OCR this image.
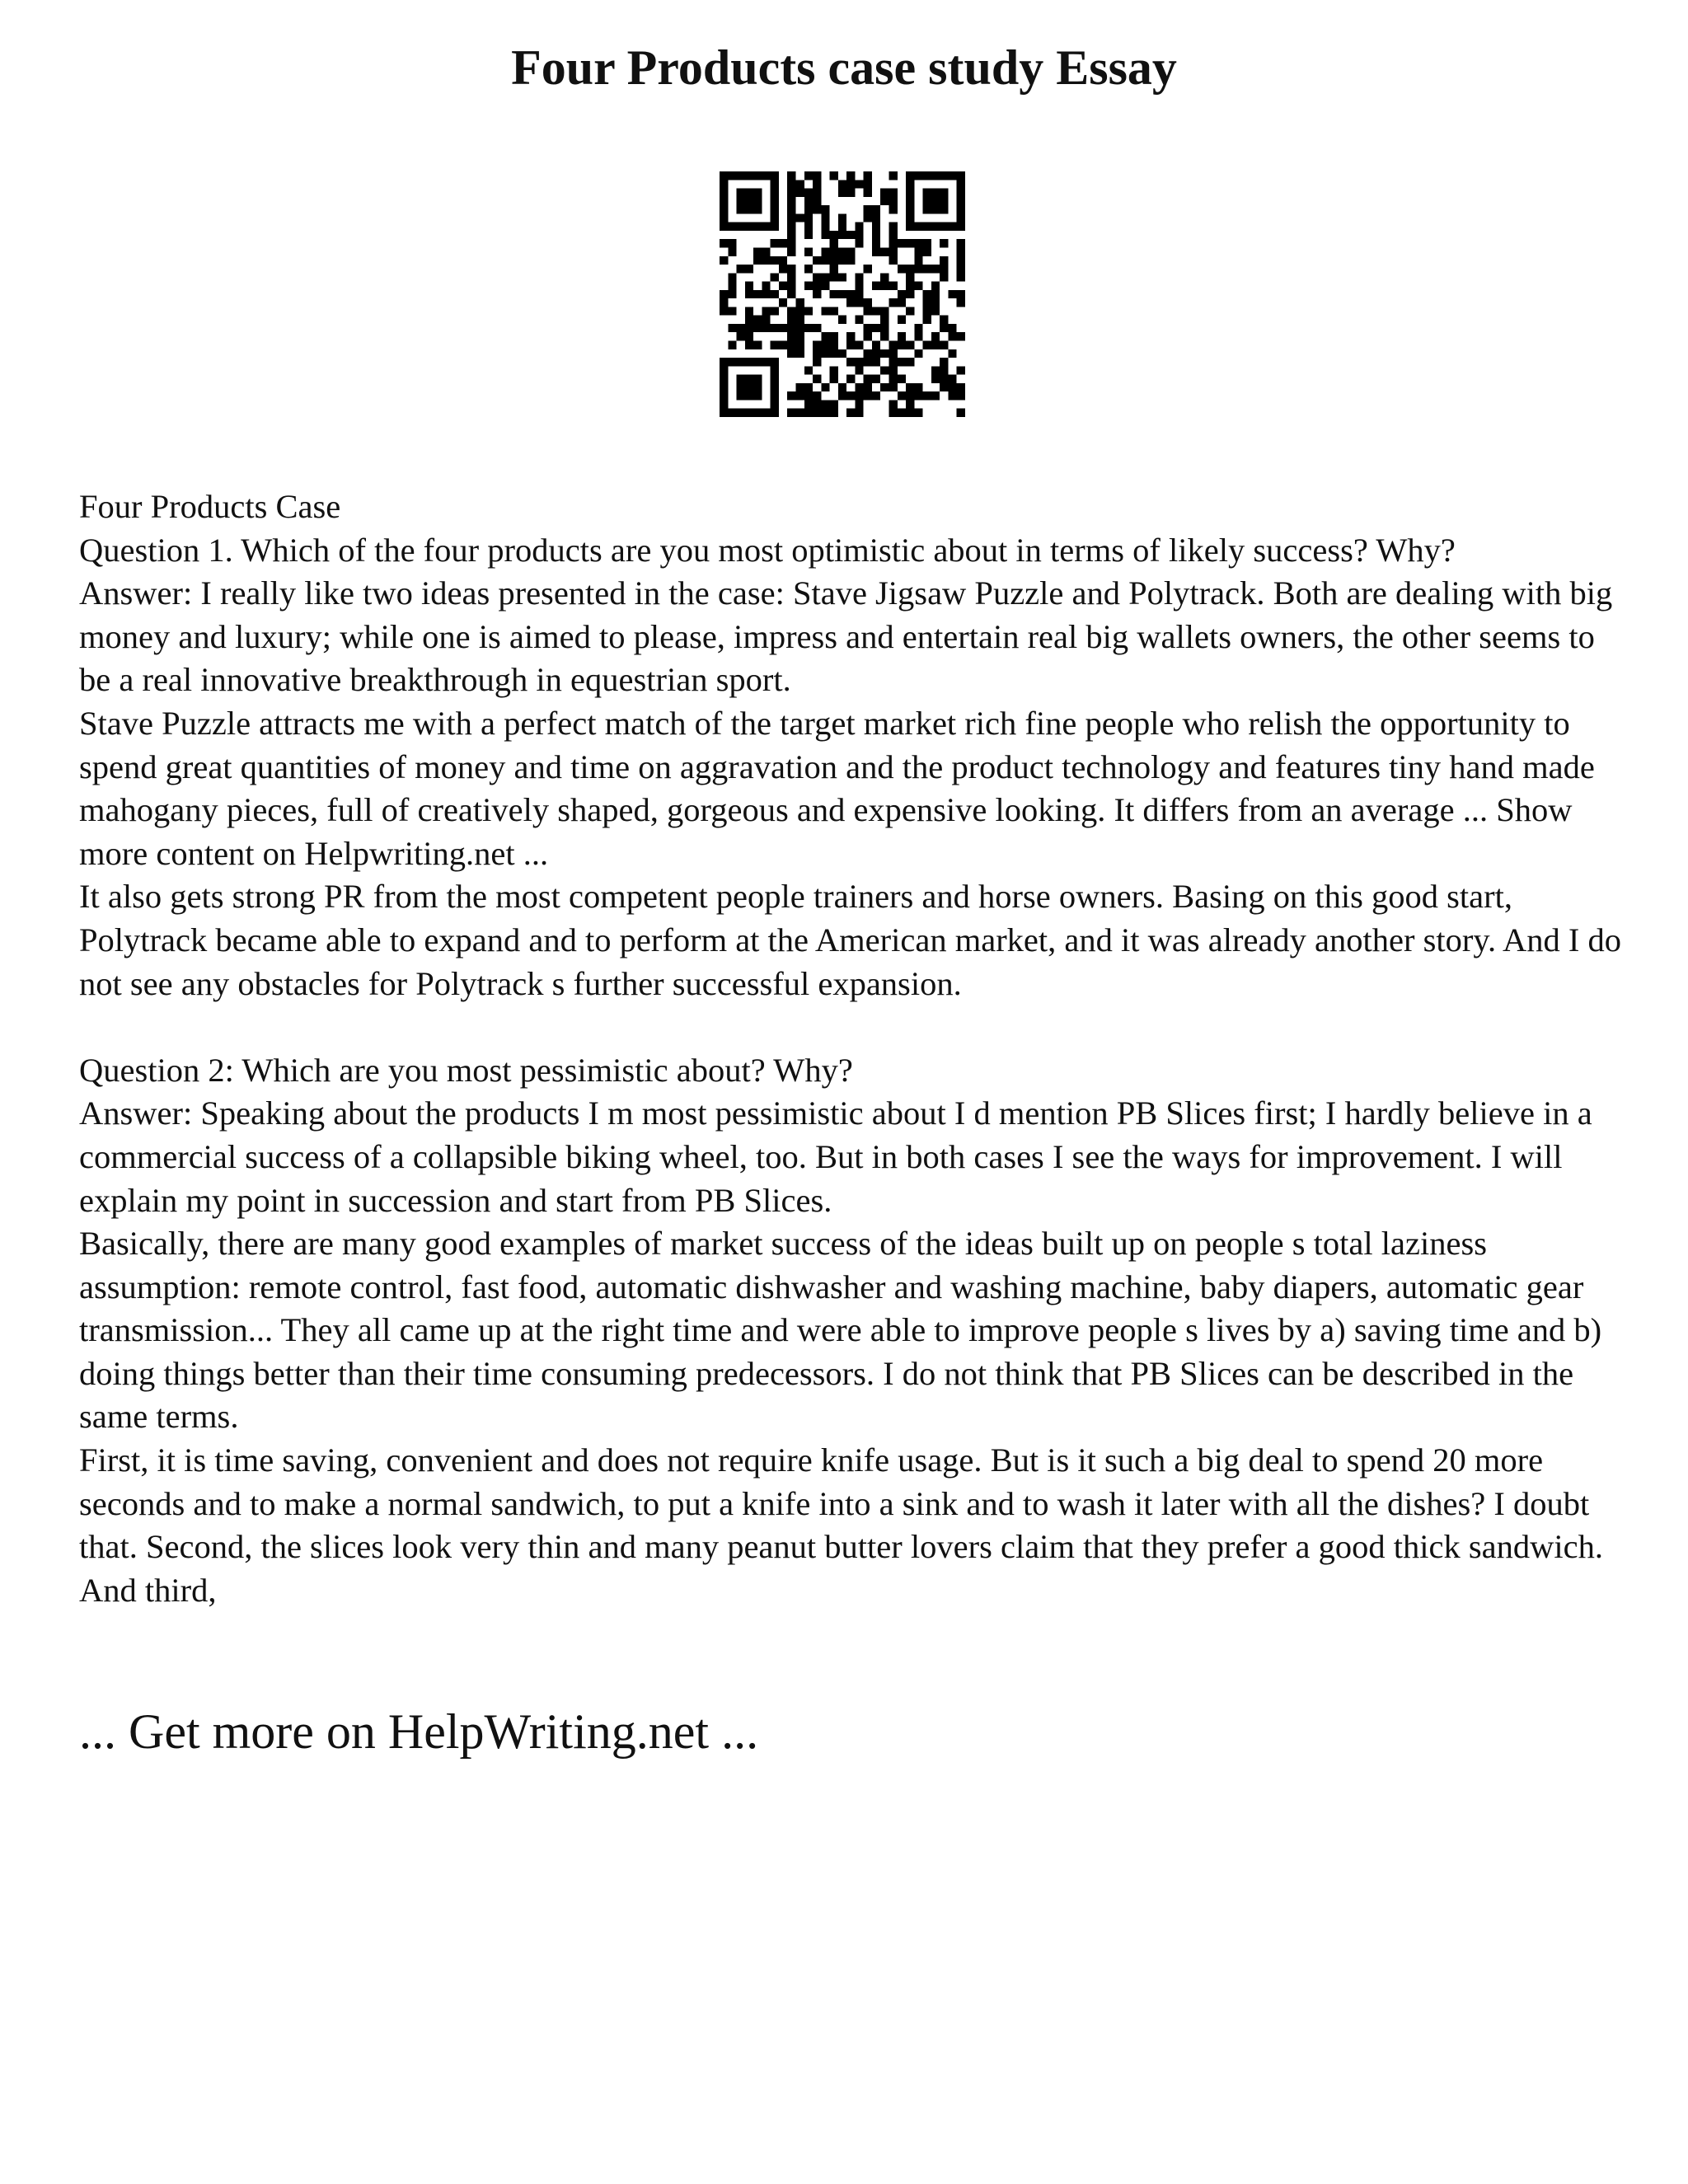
Four Products case study Essay

Four Products Case

Question 1. Which of the four products are you most optimistic about in terms of likely success? Why?

Answer: I really like two ideas presented in the case: Stave Jigsaw Puzzle and Polytrack. Both are dealing with big money and luxury; while one is aimed to please, impress and entertain real big wallets owners, the other seems to be a real innovative breakthrough in equestrian sport.

Stave Puzzle attracts me with a perfect match of the target market rich fine people who relish the opportunity to spend great quantities of money and time on aggravation and the product technology and features tiny hand made mahogany pieces, full of creatively shaped, gorgeous and expensive looking. It differs from an average ... Show more content on Helpwriting.net ...

It also gets strong PR from the most competent people trainers and horse owners. Basing on this good start, Polytrack became able to expand and to perform at the American market, and it was already another story. And I do not see any obstacles for Polytrack s further successful expansion.

Question 2: Which are you most pessimistic about? Why?

Answer: Speaking about the products I m most pessimistic about I d mention PB Slices first; I hardly believe in a commercial success of a collapsible biking wheel, too. But in both cases I see the ways for improvement. I will explain my point in succession and start from PB Slices.

Basically, there are many good examples of market success of the ideas built up on people s total laziness assumption: remote control, fast food, automatic dishwasher and washing machine, baby diapers, automatic gear transmission... They all came up at the right time and were able to improve people s lives by a) saving time and b) doing things better than their time consuming predecessors. I do not think that PB Slices can be described in the same terms.

First, it is time saving, convenient and does not require knife usage. But is it such a big deal to spend 20 more seconds and to make a normal sandwich, to put a knife into a sink and to wash it later with all the dishes? I doubt that. Second, the slices look very thin and many peanut butter lovers claim that they prefer a good thick sandwich. And third,

... Get more on HelpWriting.net ...
